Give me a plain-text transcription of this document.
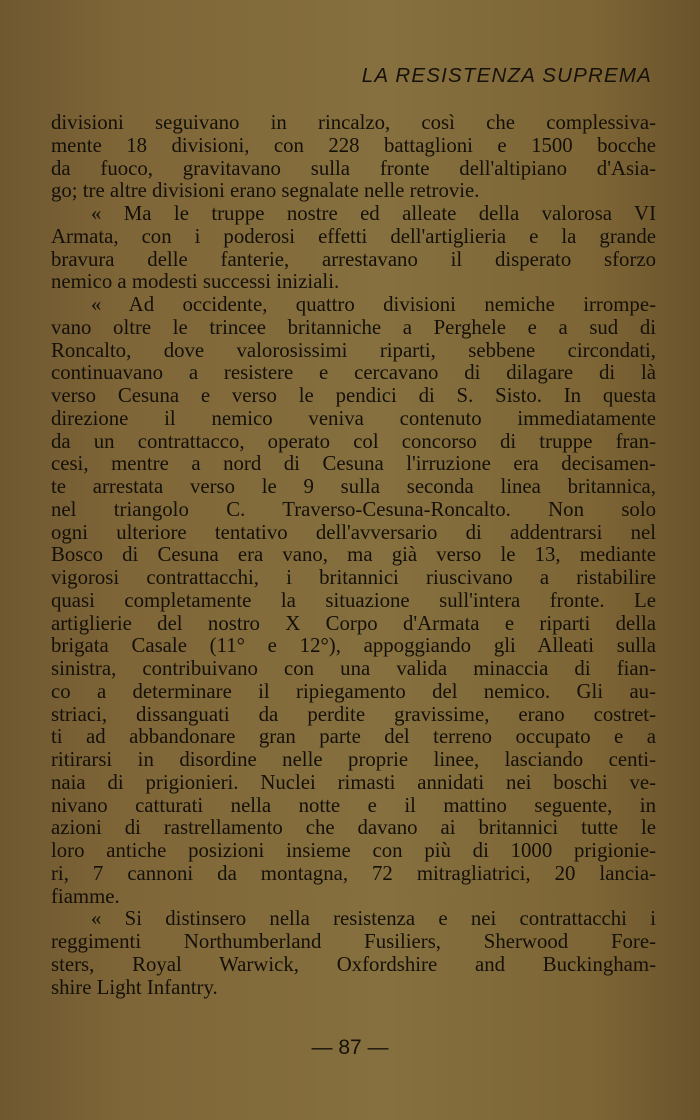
LA RESISTENZA SUPREMA
divisioni seguivano in rincalzo, così che complessiva-
mente 18 divisioni, con 228 battaglioni e 1500 bocche
da fuoco, gravitavano sulla fronte dell'altipiano d'Asia-
go; tre altre divisioni erano segnalate nelle retrovie.
« Ma le truppe nostre ed alleate della valorosa VI
Armata, con i poderosi effetti dell'artiglieria e la grande
bravura delle fanterie, arrestavano il disperato sforzo
nemico a modesti successi iniziali.
« Ad occidente, quattro divisioni nemiche irrompe-
vano oltre le trincee britanniche a Perghele e a sud di
Roncalto, dove valorosissimi riparti, sebbene circondati,
continuavano a resistere e cercavano di dilagare di là
verso Cesuna e verso le pendici di S. Sisto. In questa
direzione il nemico veniva contenuto immediatamente
da un contrattacco, operato col concorso di truppe fran-
cesi, mentre a nord di Cesuna l'irruzione era decisamen-
te arrestata verso le 9 sulla seconda linea britannica,
nel triangolo C. Traverso-Cesuna-Roncalto. Non solo
ogni ulteriore tentativo dell'avversario di addentrarsi nel
Bosco di Cesuna era vano, ma già verso le 13, mediante
vigorosi contrattacchi, i britannici riuscivano a ristabilire
quasi completamente la situazione sull'intera fronte. Le
artiglierie del nostro X Corpo d'Armata e riparti della
brigata Casale (11° e 12°), appoggiando gli Alleati sulla
sinistra, contribuivano con una valida minaccia di fian-
co a determinare il ripiegamento del nemico. Gli au-
striaci, dissanguati da perdite gravissime, erano costret-
ti ad abbandonare gran parte del terreno occupato e a
ritirarsi in disordine nelle proprie linee, lasciando centi-
naia di prigionieri. Nuclei rimasti annidati nei boschi ve-
nivano catturati nella notte e il mattino seguente, in
azioni di rastrellamento che davano ai britannici tutte le
loro antiche posizioni insieme con più di 1000 prigionie-
ri, 7 cannoni da montagna, 72 mitragliatrici, 20 lancia-
fiamme.
« Si distinsero nella resistenza e nei contrattacchi i
reggimenti Northumberland Fusiliers, Sherwood Fore-
sters, Royal Warwick, Oxfordshire and Buckingham-
shire Light Infantry.
— 87 —
